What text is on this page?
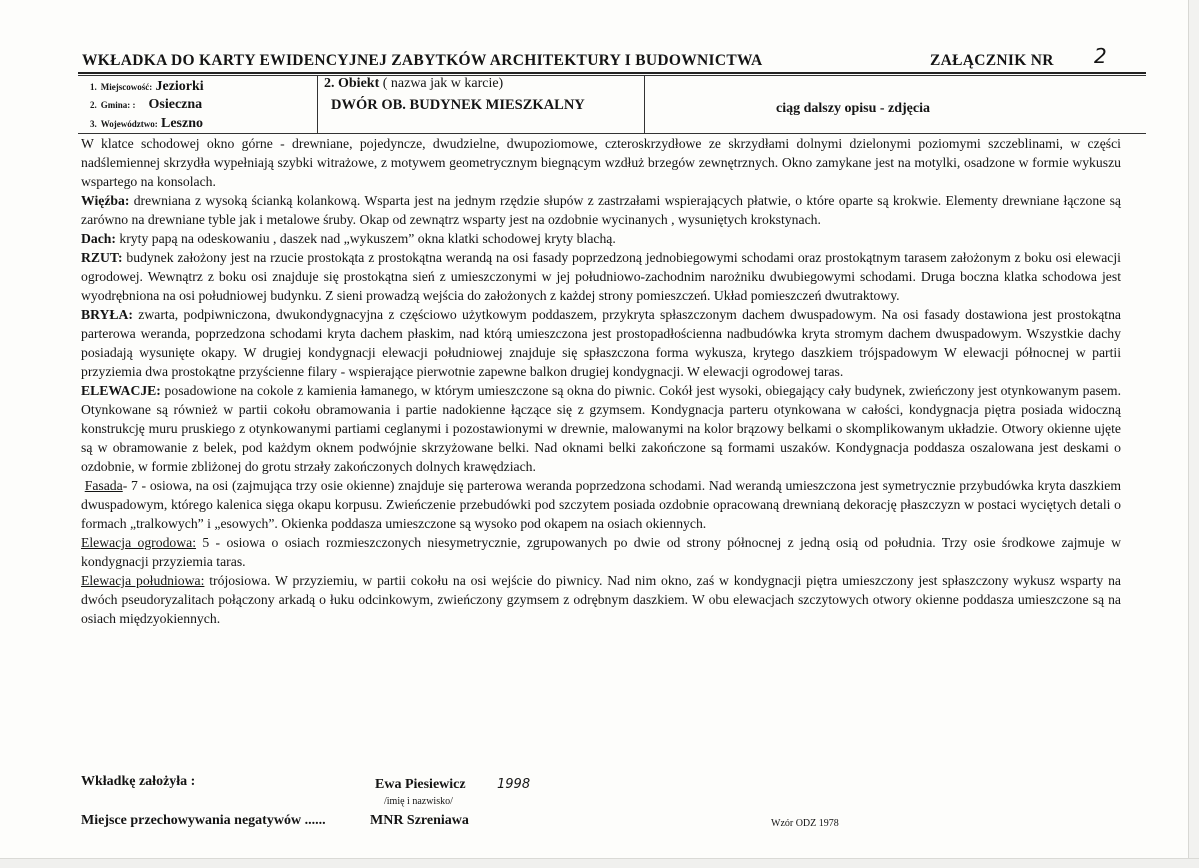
WKŁADKA DO KARTY EWIDENCYJNEJ ZABYTKÓW ARCHITEKTURY I BUDOWNICTWA	ZAŁĄCZNIK NR 2
1. Miejscowość: Jeziorki
2. Gmina: : Osieczna
3. Województwo: Leszno
2. Obiekt ( nazwa jak w karcie)
DWÓR OB. BUDYNEK MIESZKALNY	ciąg dalszy opisu - zdjęcia

W klatce schodowej okno górne - drewniane, pojedyncze, dwudzielne, dwupoziomowe, czteroskrzydłowe ze skrzydłami dolnymi dzielonymi poziomymi szczeblinami, w części nadślemiennej skrzydła wypełniają szybki witrażowe, z motywem geometrycznym biegnącym wzdłuż brzegów zewnętrznych. Okno zamykane jest na motylki, osadzone w formie wykuszu wspartego na konsolach.

Więźba: drewniana z wysoką ścianką kolankową. Wsparta jest na jednym rzędzie słupów z zastrzałami wspierających płatwie, o które oparte są krokwie. Elementy drewniane łączone są zarówno na drewniane tyble jak i metalowe śruby. Okap od zewnątrz wsparty jest na ozdobnie wycinanych , wysuniętych krokstynach.

Dach: kryty papą na odeskowaniu , daszek nad „wykuszem” okna klatki schodowej kryty blachą.

RZUT: budynek założony jest na rzucie prostokąta z prostokątna werandą na osi fasady poprzedzoną jednobiegowymi schodami oraz prostokątnym tarasem założonym z boku osi elewacji ogrodowej. Wewnątrz z boku osi znajduje się prostokątna sień z umieszczonymi w jej południowo-zachodnim narożniku dwubiegowymi schodami. Druga boczna klatka schodowa jest wyodrębniona na osi południowej budynku. Z sieni prowadzą wejścia do założonych z każdej strony pomieszczeń. Układ pomieszczeń dwutraktowy.

BRYŁA: zwarta, podpiwniczona, dwukondygnacyjna z częściowo użytkowym poddaszem, przykryta spłaszczonym dachem dwuspadowym. Na osi fasady dostawiona jest prostokątna parterowa weranda, poprzedzona schodami kryta dachem płaskim, nad którą umieszczona jest prostopadłościenna nadbudówka kryta stromym dachem dwuspadowym. Wszystkie dachy posiadają wysunięte okapy. W drugiej kondygnacji elewacji południowej znajduje się spłaszczona forma wykusza, krytego daszkiem trójspadowym W elewacji północnej w partii przyziemia dwa prostokątne przyścienne filary - wspierające pierwotnie zapewne balkon drugiej kondygnacji. W elewacji ogrodowej taras.

ELEWACJE: posadowione na cokole z kamienia łamanego, w którym umieszczone są okna do piwnic. Cokół jest wysoki, obiegający cały budynek, zwieńczony jest otynkowanym pasem. Otynkowane są również w partii cokołu obramowania i partie nadokienne łączące się z gzymsem. Kondygnacja parteru otynkowana w całości, kondygnacja piętra posiada widoczną konstrukcję muru pruskiego z otynkowanymi partiami ceglanymi i pozostawionymi w drewnie, malowanymi na kolor brązowy belkami o skomplikowanym układzie. Otwory okienne ujęte są w obramowanie z belek, pod każdym oknem podwójnie skrzyżowane belki. Nad oknami belki zakończone są formami uszaków. Kondygnacja poddasza oszalowana jest deskami o ozdobnie, w formie zbliżonej do grotu strzały zakończonych dolnych krawędziach.

Fasada- 7 - osiowa, na osi (zajmująca trzy osie okienne) znajduje się parterowa weranda poprzedzona schodami. Nad werandą umieszczona jest symetrycznie przybudówka kryta daszkiem dwuspadowym, którego kalenica sięga okapu korpusu. Zwieńczenie przebudówki pod szczytem posiada ozdobnie opracowaną drewnianą dekorację płaszczyzn w postaci wyciętych detali o formach „tralkowych” i „esowych”. Okienka poddasza umieszczone są wysoko pod okapem na osiach okiennych.

Elewacja ogrodowa: 5 - osiowa o osiach rozmieszczonych niesymetrycznie, zgrupowanych po dwie od strony północnej z jedną osią od południa. Trzy osie środkowe zajmuje w kondygnacji przyziemia taras.

Elewacja południowa: trójosiowa. W przyziemiu, w partii cokołu na osi wejście do piwnicy. Nad nim okno, zaś w kondygnacji piętra umieszczony jest spłaszczony wykusz wsparty na dwóch pseudoryzalitach połączony arkadą o łuku odcinkowym, zwieńczony gzymsem z odrębnym daszkiem. W obu elewacjach szczytowych otwory okienne poddasza umieszczone są na osiach międzyokiennych.

Wkładkę założyła :	Ewa Piesiewicz 1998
/imię i nazwisko/
Miejsce przechowywania negatywów ......	MNR Szreniawa	Wzór ODZ 1978
